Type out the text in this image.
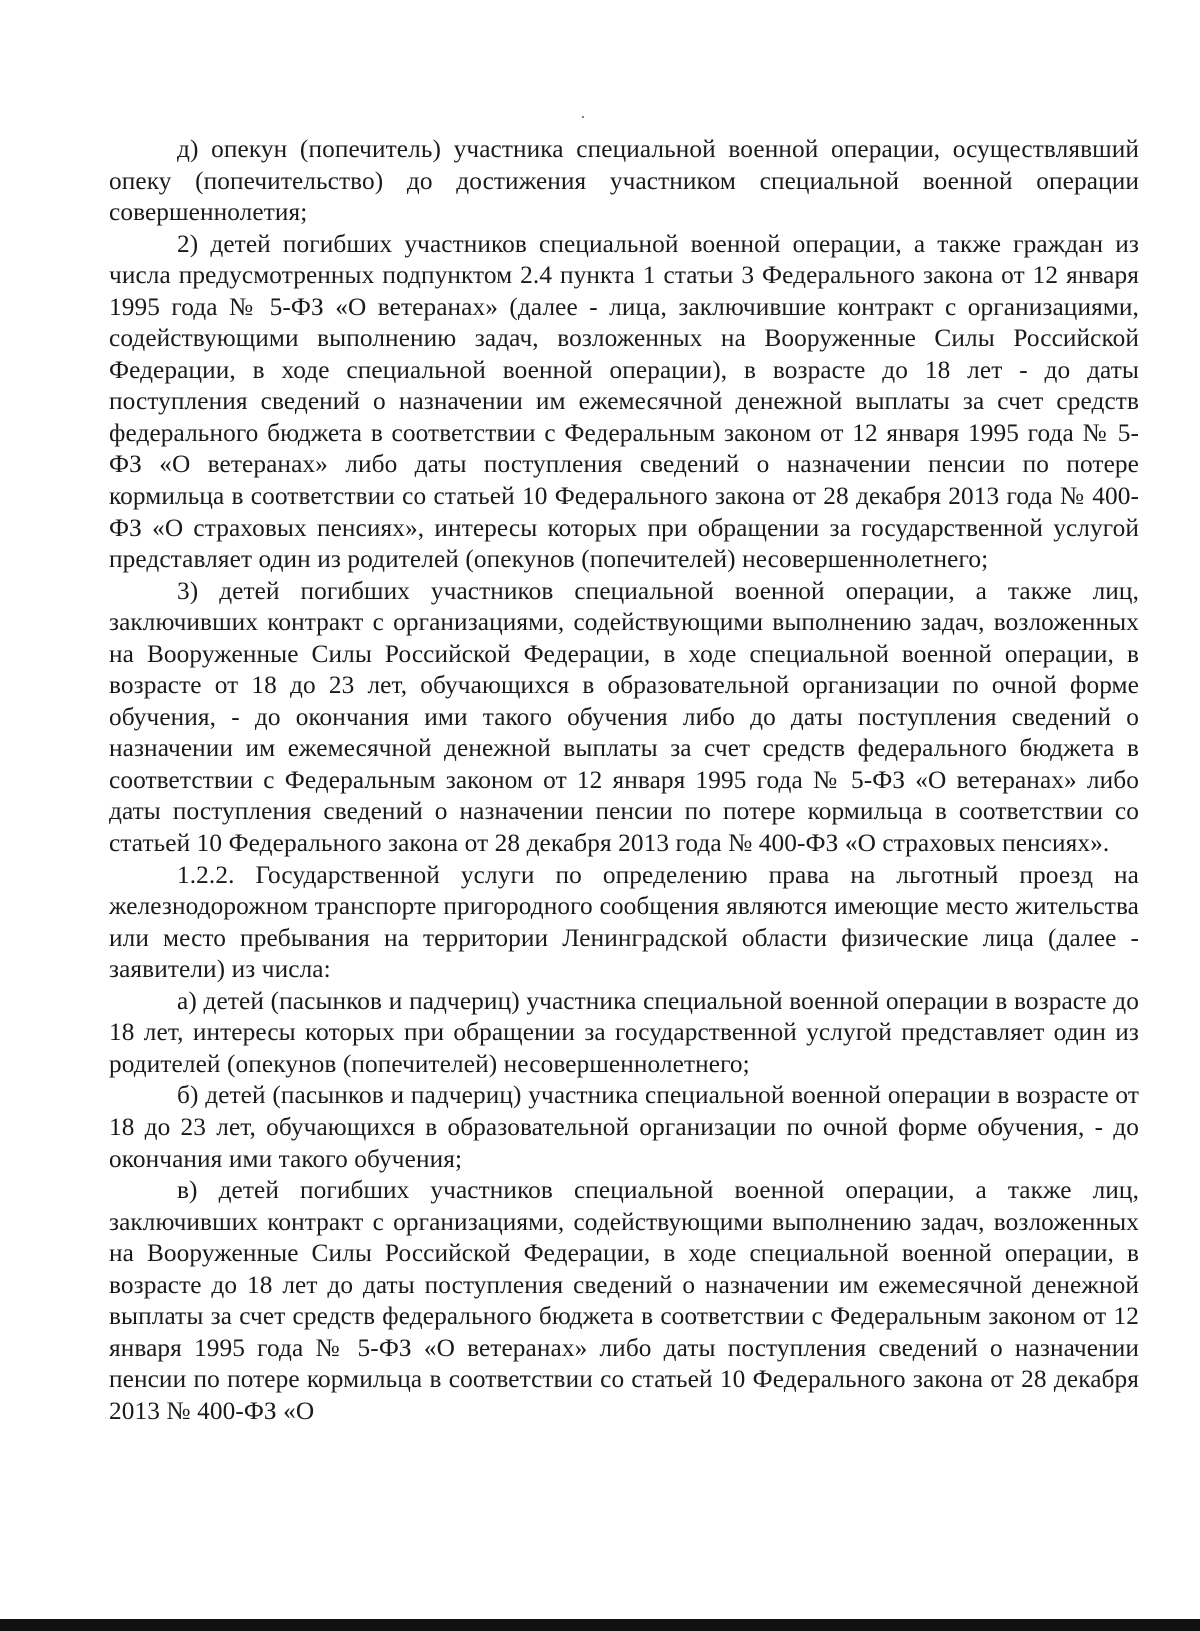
д) опекун (попечитель) участника специальной военной операции, осуществлявший опеку (попечительство) до достижения участником специальной военной операции совершеннолетия;

2) детей погибших участников специальной военной операции, а также граждан из числа предусмотренных подпунктом 2.4 пункта 1 статьи 3 Федерального закона от 12 января 1995 года № 5-ФЗ «О ветеранах» (далее - лица, заключившие контракт с организациями, содействующими выполнению задач, возложенных на Вооруженные Силы Российской Федерации, в ходе специальной военной операции), в возрасте до 18 лет - до даты поступления сведений о назначении им ежемесячной денежной выплаты за счет средств федерального бюджета в соответствии с Федеральным законом от 12 января 1995 года № 5-ФЗ «О ветеранах» либо даты поступления сведений о назначении пенсии по потере кормильца в соответствии со статьей 10 Федерального закона от 28 декабря 2013 года № 400-ФЗ «О страховых пенсиях», интересы которых при обращении за государственной услугой представляет один из родителей (опекунов (попечителей) несовершеннолетнего;

3) детей погибших участников специальной военной операции, а также лиц, заключивших контракт с организациями, содействующими выполнению задач, возложенных на Вооруженные Силы Российской Федерации, в ходе специальной военной операции, в возрасте от 18 до 23 лет, обучающихся в образовательной организации по очной форме обучения, - до окончания ими такого обучения либо до даты поступления сведений о назначении им ежемесячной денежной выплаты за счет средств федерального бюджета в соответствии с Федеральным законом от 12 января 1995 года № 5-ФЗ «О ветеранах» либо даты поступления сведений о назначении пенсии по потере кормильца в соответствии со статьей 10 Федерального закона от 28 декабря 2013 года № 400-ФЗ «О страховых пенсиях».

1.2.2. Государственной услуги по определению права на льготный проезд на железнодорожном транспорте пригородного сообщения являются имеющие место жительства или место пребывания на территории Ленинградской области физические лица (далее - заявители) из числа:

а) детей (пасынков и падчериц) участника специальной военной операции в возрасте до 18 лет, интересы которых при обращении за государственной услугой представляет один из родителей (опекунов (попечителей) несовершеннолетнего;

б) детей (пасынков и падчериц) участника специальной военной операции в возрасте от 18 до 23 лет, обучающихся в образовательной организации по очной форме обучения, - до окончания ими такого обучения;

в) детей погибших участников специальной военной операции, а также лиц, заключивших контракт с организациями, содействующими выполнению задач, возложенных на Вооруженные Силы Российской Федерации, в ходе специальной военной операции, в возрасте до 18 лет до даты поступления сведений о назначении им ежемесячной денежной выплаты за счет средств федерального бюджета в соответствии с Федеральным законом от 12 января 1995 года № 5-ФЗ «О ветеранах» либо даты поступления сведений о назначении пенсии по потере кормильца в соответствии со статьей 10 Федерального закона от 28 декабря 2013 № 400-ФЗ «О
